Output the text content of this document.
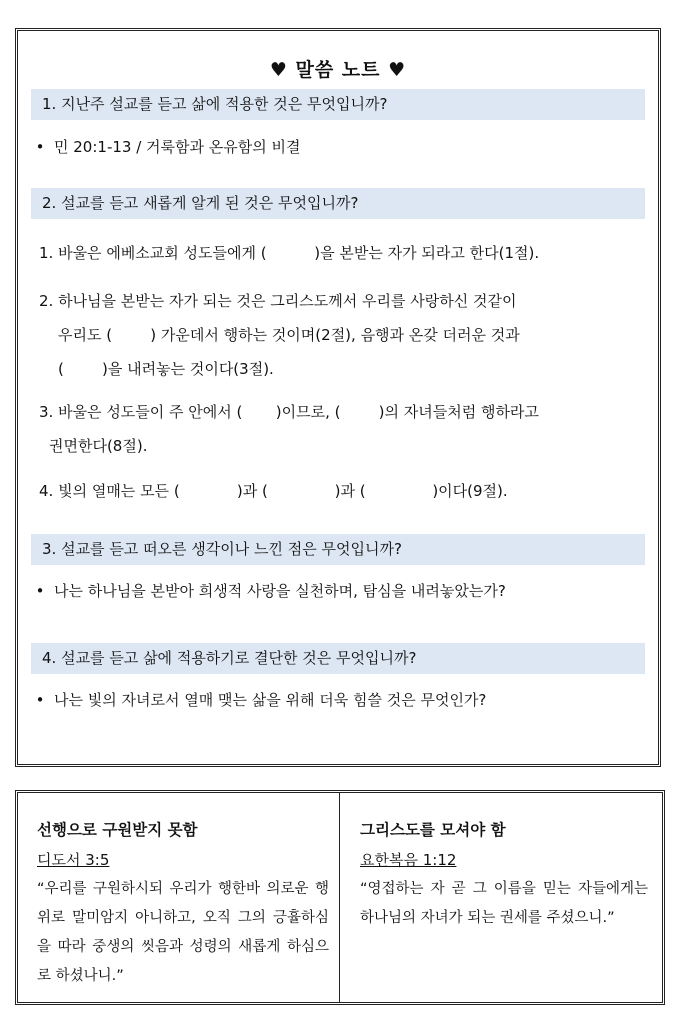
♥ 말씀 노트 ♥
1. 지난주 설교를 듣고 삶에 적용한 것은 무엇입니까?
• 민 20:1-13 / 거룩함과 온유함의 비결
2. 설교를 듣고 새롭게 알게 된 것은 무엇입니까?
1. 바울은 에베소교회 성도들에게 (          )을 본받는 자가 되라고 한다(1절).
2. 하나님을 본받는 자가 되는 것은 그리스도께서 우리를 사랑하신 것같이
우리도 (        ) 가운데서 행하는 것이며(2절), 음행과 온갖 더러운 것과
(        )을 내려놓는 것이다(3절).
3. 바울은 성도들이 주 안에서 (       )이므로, (        )의 자녀들처럼 행하라고
권면한다(8절).
4. 빛의 열매는 모든 (            )과 (              )과 (              )이다(9절).
3. 설교를 듣고 떠오른 생각이나 느낀 점은 무엇입니까?
• 나는 하나님을 본받아 희생적 사랑을 실천하며, 탐심을 내려놓았는가?
4. 설교를 듣고 삶에 적용하기로 결단한 것은 무엇입니까?
• 나는 빛의 자녀로서 열매 맺는 삶을 위해 더욱 힘쓸 것은 무엇인가?
선행으로 구원받지 못함
디도서 3:5
“우리를 구원하시되 우리가 행한바 의로운 행위로 말미암지 아니하고, 오직 그의 긍휼하심을 따라 중생의 씻음과 성령의 새롭게 하심으로 하셨나니.”
그리스도를 모셔야 함
요한복음 1:12
“영접하는 자 곧 그 이름을 믿는 자들에게는 하나님의 자녀가 되는 권세를 주셨으니.”
